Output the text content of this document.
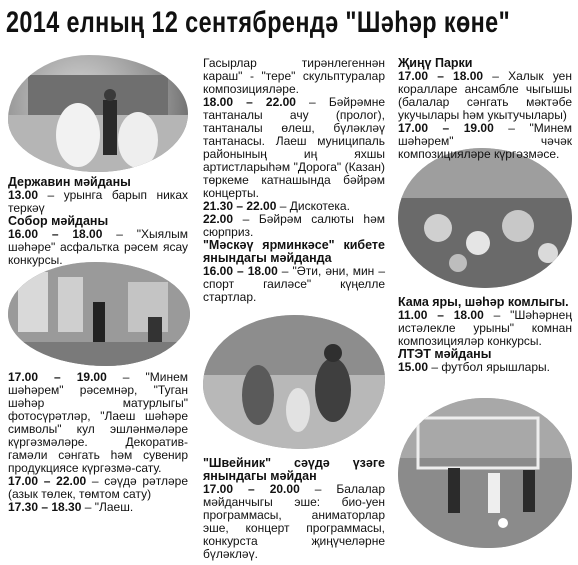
2014 елның 12 сентябрендә "Шәһәр көне"

Державин мәйданы

13.00 – урынга барып никах теркәү

Собор мәйданы

16.00 – 18.00 – "Хыялым шәһәре" асфальтка рәсем ясау конкурсы.

17.00 – 19.00 – "Минем шәһәрем" рәсемнәр, "Туган шәһәр матурлыгы" фотосүрәтләр, "Лаеш шәһәре символы" кул эшләнмәләре күргәзмәләре. Декоратив-гамәли сәнгать һәм сувенир продукциясе күргәзмә-сату.

17.00 – 22.00 – сәүдә рәтләре (азык төлек, төмтом сату)

17.30 – 18.30 – "Лаеш.

Гасырлар тирәнлегеннән караш" - "тере" скульптуралар композицияләре.

18.00 – 22.00 – Бәйрәмне тантаналы ачу (пролог), тантаналы өлеш, бүләкләү тантанасы. Лаеш муниципаль районының иң яхшы артистларыһәм "Дорога" (Казан) төркеме катнашында бәйрәм концерты.

21.30 – 22.00 – Дискотека.

22.00 – Бәйрәм салюты һәм сюрприз.

"Мәскәү ярминкәсе" кибете янындагы мәйданда

16.00 – 18.00 – "Әти, әни, мин – спорт гаиләсе" күңелле стартлар.

"Швейник" сәүдә үзәге янындагы мәйдан

17.00 – 20.00 – Балалар мәйданчыгы эше: био-уен программасы, аниматорлар эше, концерт программасы, конкурста җиңүчеләрне бүләкләү.

Җиңү Парки

17.00 – 18.00 – Халык уен коралларе ансамбле чыгышы (балалар сәнгать мәктәбе укучылары һәм укытучылары)

17.00 – 19.00 – "Минем шәһәрем" чәчәк композицияләре күргәзмәсе.

Кама яры, шәһәр комлыгы.

11.00 – 18.00 – "Шәһәрнең истәлекле урыны" комнан композицияләр конкурсы.

ЛТЭТ мәйданы

15.00 – футбол ярышлары.
